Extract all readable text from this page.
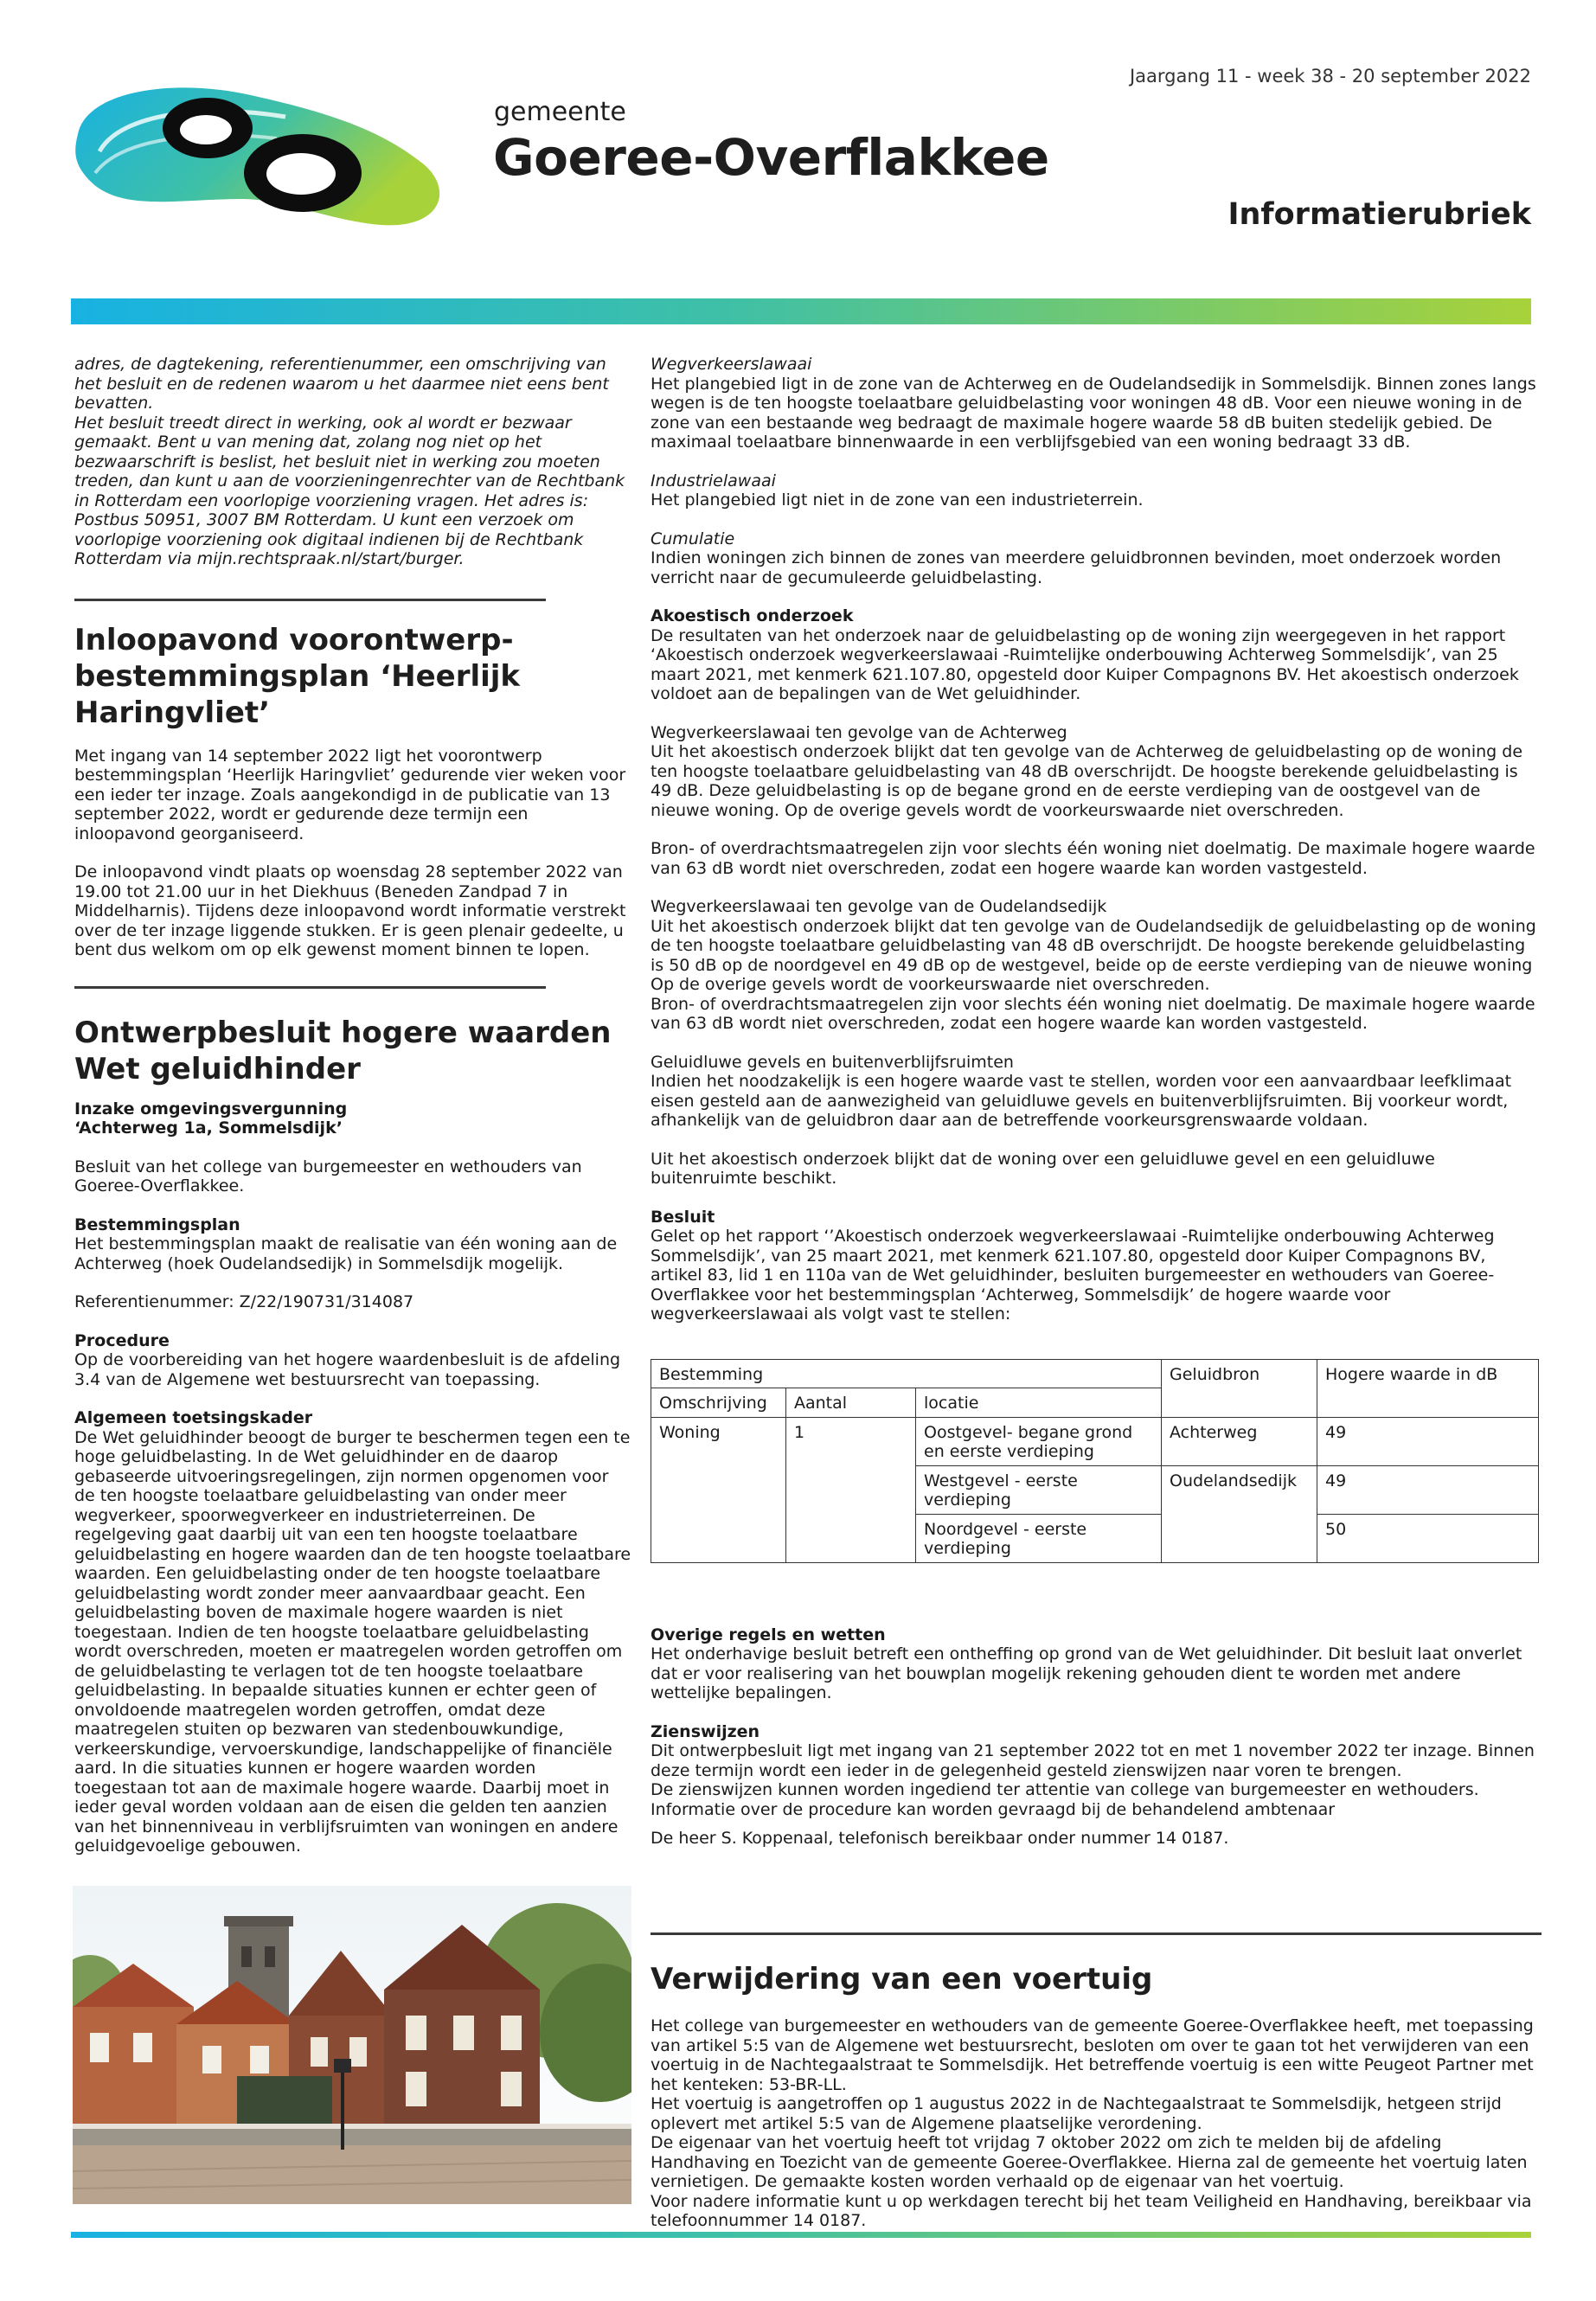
gemeente
Goeree-Overflakkee
Jaargang 11 - week 38 - 20 september 2022
Informatierubriek

adres, de dagtekening, referentienummer, een omschrijving van het besluit en de redenen waarom u het daarmee niet eens bent bevatten.

Het besluit treedt direct in werking, ook al wordt er bezwaar gemaakt. Bent u van mening dat, zolang nog niet op het bezwaarschrift is beslist, het besluit niet in werking zou moeten treden, dan kunt u aan de voorzieningenrechter van de Rechtbank in Rotterdam een voorlopige voorziening vragen. Het adres is: Postbus 50951, 3007 BM Rotterdam. U kunt een verzoek om voorlopige voorziening ook digitaal indienen bij de Rechtbank Rotterdam via mijn.rechtspraak.nl/start/burger.

Inloopavond voorontwerp-bestemmingsplan ‘Heerlijk Haringvliet’

Met ingang van 14 september 2022 ligt het voorontwerp bestemmingsplan ‘Heerlijk Haringvliet’ gedurende vier weken voor een ieder ter inzage. Zoals aangekondigd in de publicatie van 13 september 2022, wordt er gedurende deze termijn een inloopavond georganiseerd.

De inloopavond vindt plaats op woensdag 28 september 2022 van 19.00 tot 21.00 uur in het Diekhuus (Beneden Zandpad 7 in Middelharnis). Tijdens deze inloopavond wordt informatie verstrekt over de ter inzage liggende stukken. Er is geen plenair gedeelte, u bent dus welkom om op elk gewenst moment binnen te lopen.

Ontwerpbesluit hogere waarden Wet geluidhinder

Inzake omgevingsvergunning

‘Achterweg 1a, Sommelsdijk’

Besluit van het college van burgemeester en wethouders van Goeree-Overflakkee.

Bestemmingsplan

Het bestemmingsplan maakt de realisatie van één woning aan de Achterweg (hoek Oudelandsedijk) in Sommelsdijk mogelijk.

Referentienummer: Z/22/190731/314087

Procedure

Op de voorbereiding van het hogere waardenbesluit is de afdeling 3.4 van de Algemene wet bestuursrecht van toepassing.

Algemeen toetsingskader

De Wet geluidhinder beoogt de burger te beschermen tegen een te hoge geluidbelasting. In de Wet geluidhinder en de daarop gebaseerde uitvoeringsregelingen, zijn normen opgenomen voor de ten hoogste toelaatbare geluidbelasting van onder meer wegverkeer, spoorwegverkeer en industrieterreinen. De regelgeving gaat daarbij uit van een ten hoogste toelaatbare geluidbelasting en hogere waarden dan de ten hoogste toelaatbare waarden. Een geluidbelasting onder de ten hoogste toelaatbare geluidbelasting wordt zonder meer aanvaardbaar geacht. Een geluidbelasting boven de maximale hogere waarden is niet toegestaan. Indien de ten hoogste toelaatbare geluidbelasting wordt overschreden, moeten er maatregelen worden getroffen om de geluidbelasting te verlagen tot de ten hoogste toelaatbare geluidbelasting. In bepaalde situaties kunnen er echter geen of onvoldoende maatregelen worden getroffen, omdat deze maatregelen stuiten op bezwaren van stedenbouwkundige, verkeerskundige, vervoerskundige, landschappelijke of financiële aard. In die situaties kunnen er hogere waarden worden toegestaan tot aan de maximale hogere waarde. Daarbij moet in ieder geval worden voldaan aan de eisen die gelden ten aanzien van het binnenniveau in verblijfsruimten van woningen en andere geluidgevoelige gebouwen.

Wegverkeerslawaai

Het plangebied ligt in de zone van de Achterweg en de Oudelandsedijk in Sommelsdijk. Binnen zones langs wegen is de ten hoogste toelaatbare geluidbelasting voor woningen 48 dB. Voor een nieuwe woning in de zone van een bestaande weg bedraagt de maximale hogere waarde 58 dB buiten stedelijk gebied. De maximaal toelaatbare binnenwaarde in een verblijfsgebied van een woning bedraagt 33 dB.

Industrielawaai

Het plangebied ligt niet in de zone van een industrieterrein.

Cumulatie

Indien woningen zich binnen de zones van meerdere geluidbronnen bevinden, moet onderzoek worden verricht naar de gecumuleerde geluidbelasting.

Akoestisch onderzoek

De resultaten van het onderzoek naar de geluidbelasting op de woning zijn weergegeven in het rapport ‘Akoestisch onderzoek wegverkeerslawaai -Ruimtelijke onderbouwing Achterweg Sommelsdijk’, van 25 maart 2021, met kenmerk 621.107.80, opgesteld door Kuiper Compagnons BV. Het akoestisch onderzoek voldoet aan de bepalingen van de Wet geluidhinder.

Wegverkeerslawaai ten gevolge van de Achterweg

Uit het akoestisch onderzoek blijkt dat ten gevolge van de Achterweg de geluidbelasting op de woning de ten hoogste toelaatbare geluidbelasting van 48 dB overschrijdt. De hoogste berekende geluidbelasting is 49 dB. Deze geluidbelasting is op de begane grond en de eerste verdieping van de oostgevel van de nieuwe woning. Op de overige gevels wordt de voorkeurswaarde niet overschreden.

Bron- of overdrachtsmaatregelen zijn voor slechts één woning niet doelmatig. De maximale hogere waarde van 63 dB wordt niet overschreden, zodat een hogere waarde kan worden vastgesteld.

Wegverkeerslawaai ten gevolge van de Oudelandsedijk

Uit het akoestisch onderzoek blijkt dat ten gevolge van de Oudelandsedijk de geluidbelasting op de woning de ten hoogste toelaatbare geluidbelasting van 48 dB overschrijdt. De hoogste berekende geluidbelasting is 50 dB op de noordgevel en 49 dB op de westgevel, beide op de eerste verdieping van de nieuwe woning Op de overige gevels wordt de voorkeurswaarde niet overschreden.

Bron- of overdrachtsmaatregelen zijn voor slechts één woning niet doelmatig. De maximale hogere waarde van 63 dB wordt niet overschreden, zodat een hogere waarde kan worden vastgesteld.

Geluidluwe gevels en buitenverblijfsruimten

Indien het noodzakelijk is een hogere waarde vast te stellen, worden voor een aanvaardbaar leefklimaat eisen gesteld aan de aanwezigheid van geluidluwe gevels en buitenverblijfsruimten. Bij voorkeur wordt, afhankelijk van de geluidbron daar aan de betreffende voorkeursgrenswaarde voldaan.

Uit het akoestisch onderzoek blijkt dat de woning over een geluidluwe gevel en een geluidluwe buitenruimte beschikt.

Besluit

Gelet op het rapport ‘’Akoestisch onderzoek wegverkeerslawaai -Ruimtelijke onderbouwing Achterweg Sommelsdijk’, van 25 maart 2021, met kenmerk 621.107.80, opgesteld door Kuiper Compagnons BV, artikel 83, lid 1 en 110a van de Wet geluidhinder, besluiten burgemeester en wethouders van Goeree-Overflakkee voor het bestemmingsplan ‘Achterweg, Sommelsdijk’ de hogere waarde voor wegverkeerslawaai als volgt vast te stellen:

Bestemming			Geluidbron	Hogere waarde in dB
Omschrijving	Aantal	locatie		
Woning	1	Oostgevel- begane grond en eerste verdieping	Achterweg	49
		Westgevel - eerste verdieping	Oudelandsedijk	49
		Noordgevel - eerste verdieping		50

Overige regels en wetten

Het onderhavige besluit betreft een ontheffing op grond van de Wet geluidhinder. Dit besluit laat onverlet dat er voor realisering van het bouwplan mogelijk rekening gehouden dient te worden met andere wettelijke bepalingen.

Zienswijzen

Dit ontwerpbesluit ligt met ingang van 21 september 2022 tot en met 1 november 2022 ter inzage. Binnen deze termijn wordt een ieder in de gelegenheid gesteld zienswijzen naar voren te brengen.

De zienswijzen kunnen worden ingediend ter attentie van college van burgemeester en wethouders.

Informatie over de procedure kan worden gevraagd bij de behandelend ambtenaar

De heer S. Koppenaal, telefonisch bereikbaar onder nummer 14 0187.

Verwijdering van een voertuig

Het college van burgemeester en wethouders van de gemeente Goeree-Overflakkee heeft, met toepassing van artikel 5:5 van de Algemene wet bestuursrecht, besloten om over te gaan tot het verwijderen van een voertuig in de Nachtegaalstraat te Sommelsdijk. Het betreffende voertuig is een witte Peugeot Partner met het kenteken: 53-BR-LL.

Het voertuig is aangetroffen op 1 augustus 2022 in de Nachtegaalstraat te Sommelsdijk, hetgeen strijd oplevert met artikel 5:5 van de Algemene plaatselijke verordening.

De eigenaar van het voertuig heeft tot vrijdag 7 oktober 2022 om zich te melden bij de afdeling Handhaving en Toezicht van de gemeente Goeree-Overflakkee. Hierna zal de gemeente het voertuig laten vernietigen. De gemaakte kosten worden verhaald op de eigenaar van het voertuig.

Voor nadere informatie kunt u op werkdagen terecht bij het team Veiligheid en Handhaving, bereikbaar via telefoonnummer 14 0187.
